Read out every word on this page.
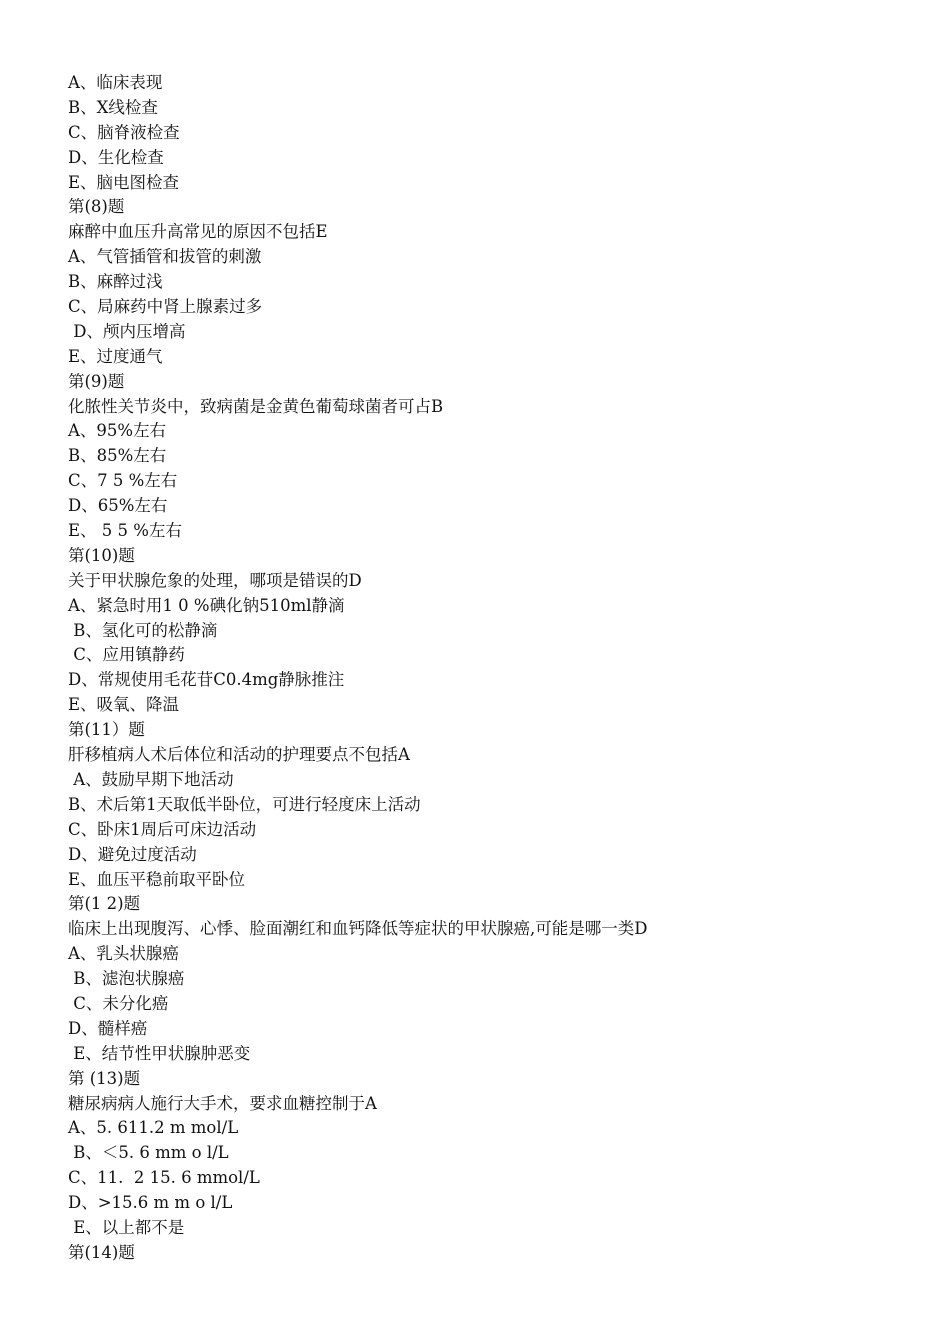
A、临床表现
B、X线检查
C、脑脊液检查
D、生化检查
E、脑电图检查
第(8)题
麻醉中血压升高常见的原因不包括E
A、气管插管和拔管的刺激
B、麻醉过浅
C、局麻药中肾上腺素过多
D、颅内压增高
E、过度通气
第(9)题
化脓性关节炎中，致病菌是金黄色葡萄球菌者可占B
A、95%左右
B、85%左右
C、7 5 %左右
D、65%左右
E、 5 5 %左右
第(10)题
关于甲状腺危象的处理，哪项是错误的D
A、紧急时用1 0 %碘化钠510ml静滴
B、氢化可的松静滴
C、应用镇静药
D、常规使用毛花苷C0.4mg静脉推注
E、吸氧、降温
第(11）题
肝移植病人术后体位和活动的护理要点不包括A
A、鼓励早期下地活动
B、术后第1天取低半卧位，可进行轻度床上活动
C、卧床1周后可床边活动
D、避免过度活动
E、血压平稳前取平卧位
第(1 2)题
临床上出现腹泻、心悸、脸面潮红和血钙降低等症状的甲状腺癌,可能是哪一类D
A、乳头状腺癌
B、滤泡状腺癌
C、未分化癌
D、髓样癌
E、结节性甲状腺肿恶变
第 (13)题
糖尿病病人施行大手术，要求血糖控制于A
A、5. 611.2 m mol/L
B、＜5. 6 mm o l/L
C、11.  2 15. 6 mmol/L
D、>15.6 m m o l/L
E、以上都不是
第(14)题
